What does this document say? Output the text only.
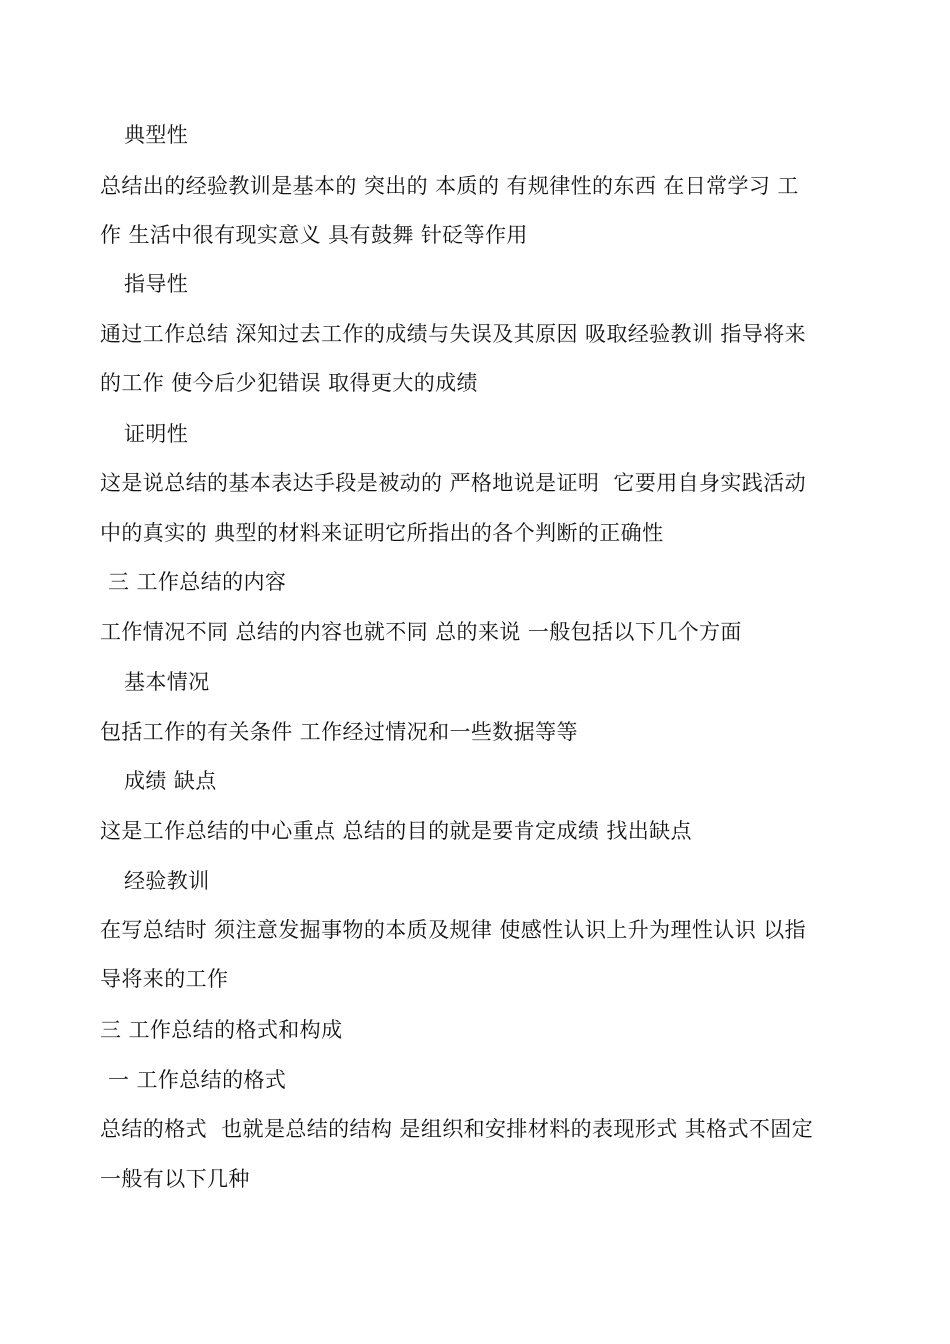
典型性
总结出的经验教训是基本的 突出的 本质的 有规律性的东西 在日常学习 工
作 生活中很有现实意义 具有鼓舞 针砭等作用
指导性
通过工作总结 深知过去工作的成绩与失误及其原因 吸取经验教训 指导将来
的工作 使今后少犯错误 取得更大的成绩
证明性
这是说总结的基本表达手段是被动的 严格地说是证明  它要用自身实践活动
中的真实的 典型的材料来证明它所指出的各个判断的正确性
三 工作总结的内容
工作情况不同 总结的内容也就不同 总的来说 一般包括以下几个方面
基本情况
包括工作的有关条件 工作经过情况和一些数据等等
成绩 缺点
这是工作总结的中心重点 总结的目的就是要肯定成绩 找出缺点
经验教训
在写总结时 须注意发掘事物的本质及规律 使感性认识上升为理性认识 以指
导将来的工作
三 工作总结的格式和构成
一 工作总结的格式
总结的格式  也就是总结的结构 是组织和安排材料的表现形式 其格式不固定
一般有以下几种
